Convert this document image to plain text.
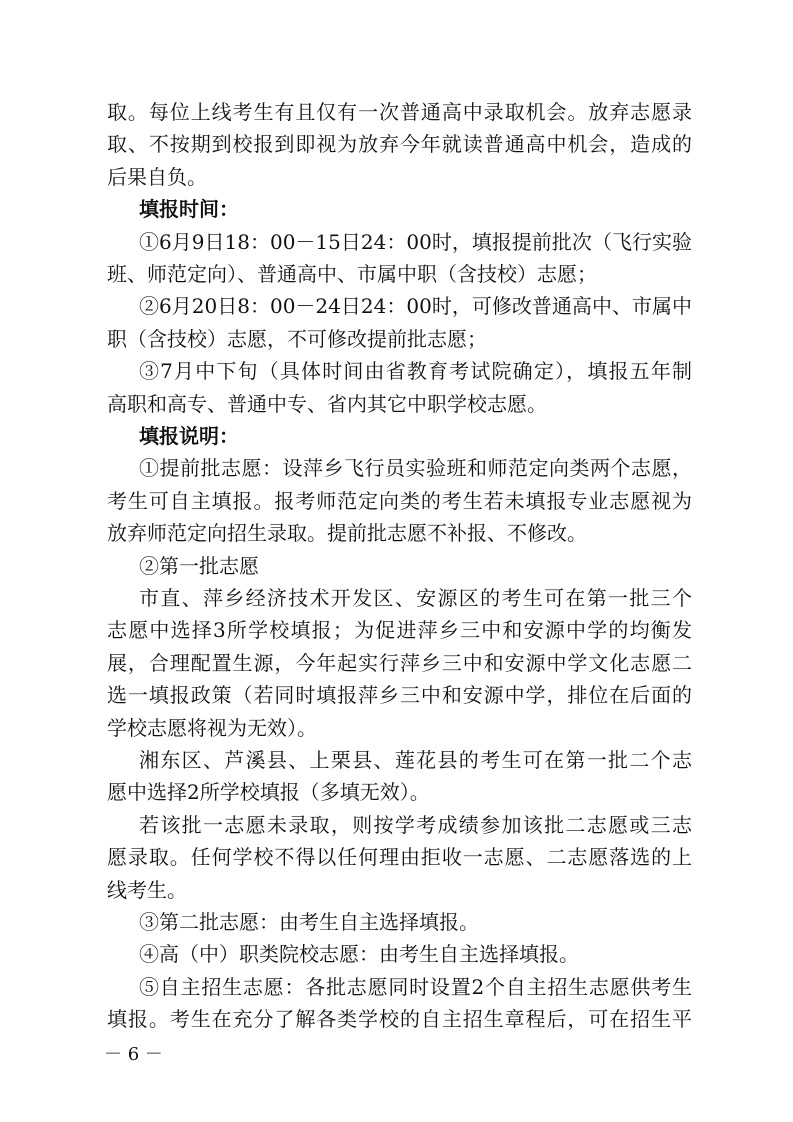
取。每位上线考生有且仅有一次普通高中录取机会。放弃志愿录
取、不按期到校报到即视为放弃今年就读普通高中机会，造成的
后果自负。
填报时间：
①6月9日18：00－15日24：00时，填报提前批次（飞行实验
班、师范定向）、普通高中、市属中职（含技校）志愿；
②6月20日8：00－24日24：00时，可修改普通高中、市属中
职（含技校）志愿，不可修改提前批志愿；
③7月中下旬（具体时间由省教育考试院确定），填报五年制
高职和高专、普通中专、省内其它中职学校志愿。
填报说明：
①提前批志愿：设萍乡飞行员实验班和师范定向类两个志愿，
考生可自主填报。报考师范定向类的考生若未填报专业志愿视为
放弃师范定向招生录取。提前批志愿不补报、不修改。
②第一批志愿
市直、萍乡经济技术开发区、安源区的考生可在第一批三个
志愿中选择3所学校填报；为促进萍乡三中和安源中学的均衡发
展，合理配置生源，今年起实行萍乡三中和安源中学文化志愿二
选一填报政策（若同时填报萍乡三中和安源中学，排位在后面的
学校志愿将视为无效）。
湘东区、芦溪县、上栗县、莲花县的考生可在第一批二个志
愿中选择2所学校填报（多填无效）。
若该批一志愿未录取，则按学考成绩参加该批二志愿或三志
愿录取。任何学校不得以任何理由拒收一志愿、二志愿落选的上
线考生。
③第二批志愿：由考生自主选择填报。
④高（中）职类院校志愿：由考生自主选择填报。
⑤自主招生志愿：各批志愿同时设置2个自主招生志愿供考生
填报。考生在充分了解各类学校的自主招生章程后，可在招生平
－ 6 －
